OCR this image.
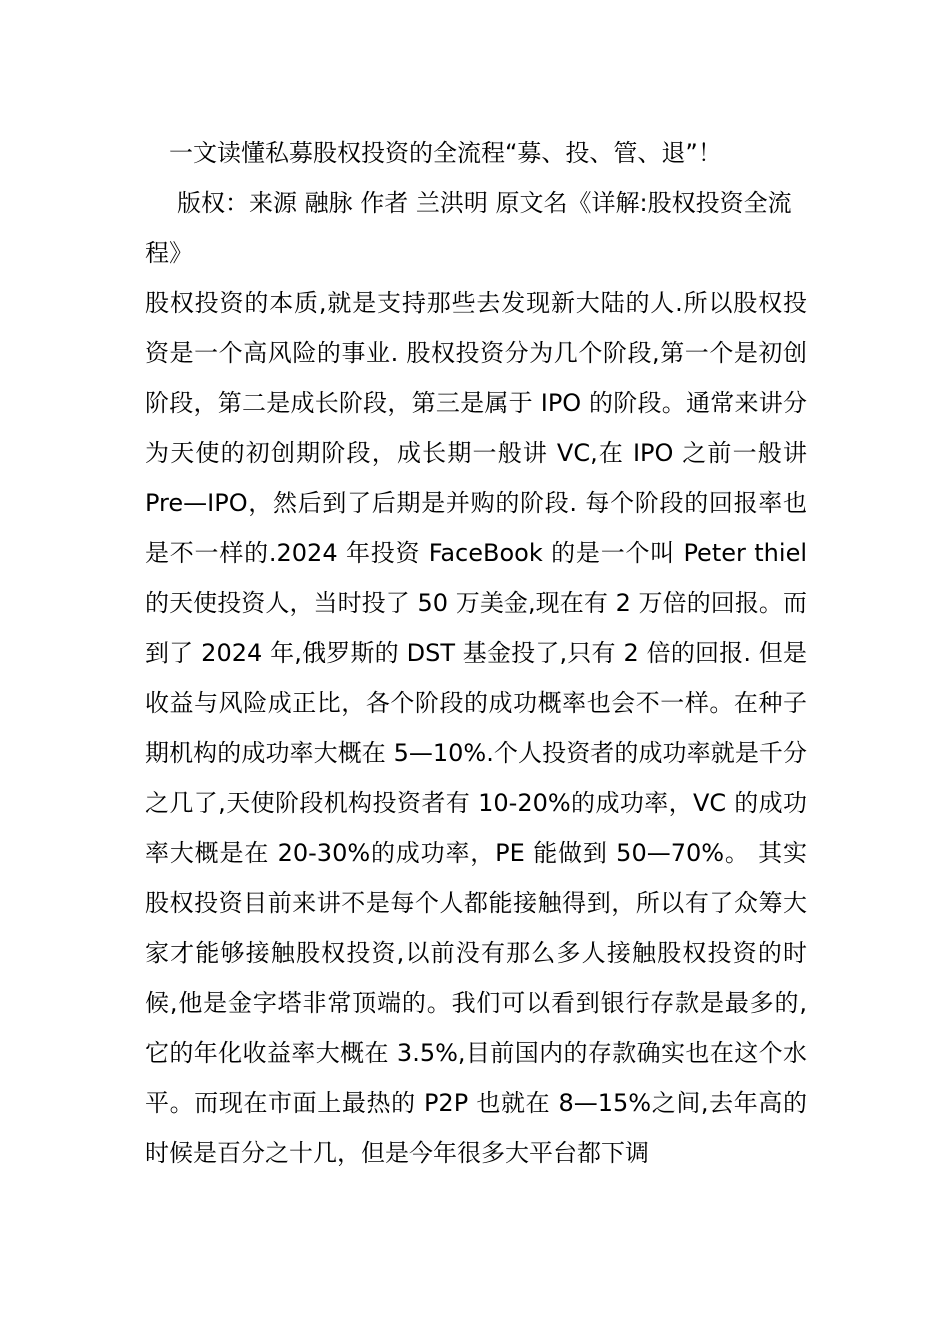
一文读懂私募股权投资的全流程“募、投、管、退”！

版权：来源 融脉 作者 兰洪明 原文名《详解:股权投资全流程》

股权投资的本质,就是支持那些去发现新大陆的人.所以股权投资是一个高风险的事业. 股权投资分为几个阶段,第一个是初创阶段，第二是成长阶段，第三是属于 IPO 的阶段。通常来讲分为天使的初创期阶段，成长期一般讲 VC,在 IPO 之前一般讲 Pre—IPO，然后到了后期是并购的阶段. 每个阶段的回报率也是不一样的.2024 年投资 FaceBook 的是一个叫 Peter thiel 的天使投资人，当时投了 50 万美金,现在有 2 万倍的回报。而到了 2024 年,俄罗斯的 DST 基金投了,只有 2 倍的回报. 但是收益与风险成正比，各个阶段的成功概率也会不一样。在种子期机构的成功率大概在 5—10%.个人投资者的成功率就是千分之几了,天使阶段机构投资者有 10-20%的成功率，VC 的成功率大概是在 20-30%的成功率，PE 能做到 50—70%。 其实股权投资目前来讲不是每个人都能接触得到，所以有了众筹大家才能够接触股权投资,以前没有那么多人接触股权投资的时候,他是金字塔非常顶端的。我们可以看到银行存款是最多的,它的年化收益率大概在 3.5%,目前国内的存款确实也在这个水平。而现在市面上最热的 P2P 也就在 8—15%之间,去年高的时候是百分之十几，但是今年很多大平台都下调
